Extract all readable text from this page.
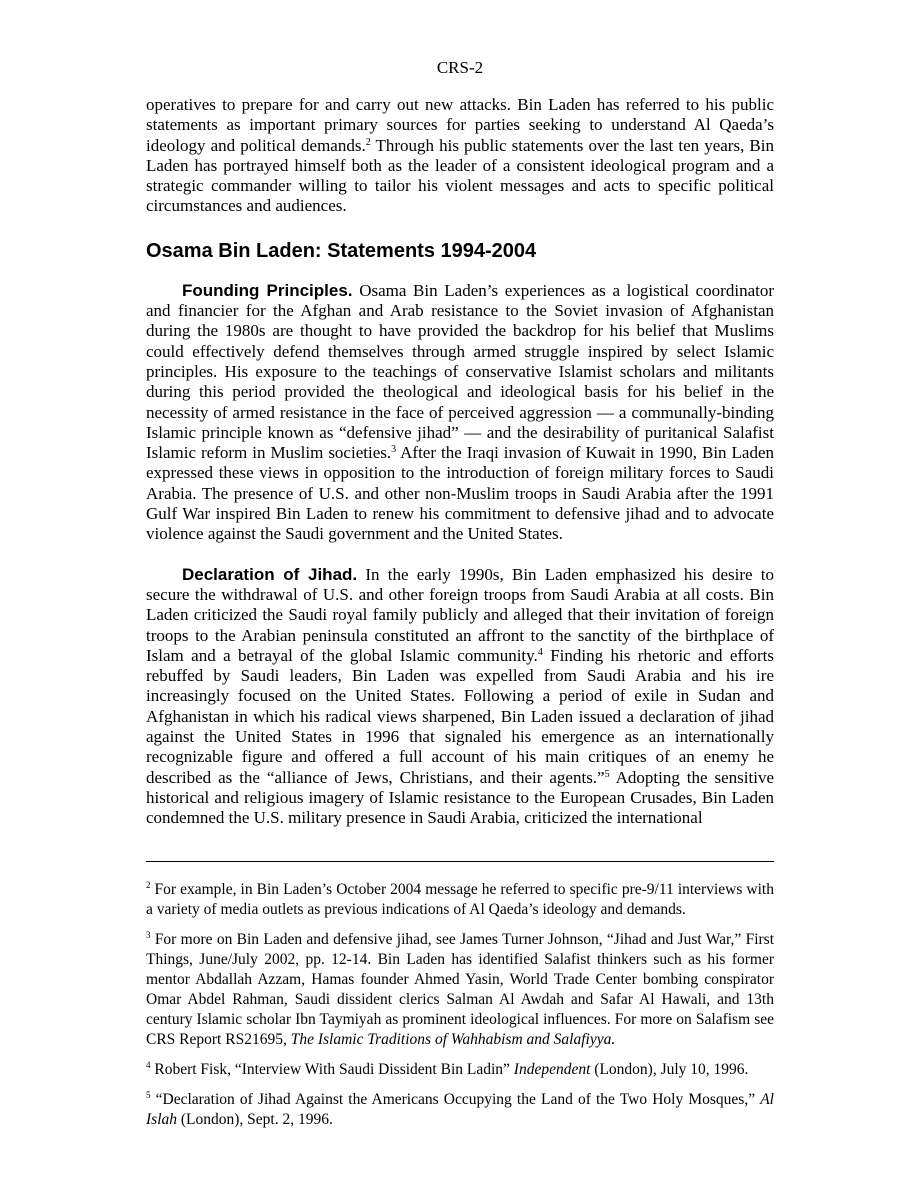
CRS-2

operatives to prepare for and carry out new attacks. Bin Laden has referred to his public statements as important primary sources for parties seeking to understand Al Qaeda’s ideology and political demands.$^2$ Through his public statements over the last ten years, Bin Laden has portrayed himself both as the leader of a consistent ideological program and a strategic commander willing to tailor his violent messages and acts to specific political circumstances and audiences.

Osama Bin Laden: Statements 1994-2004

Founding Principles. Osama Bin Laden’s experiences as a logistical coordinator and financier for the Afghan and Arab resistance to the Soviet invasion of Afghanistan during the 1980s are thought to have provided the backdrop for his belief that Muslims could effectively defend themselves through armed struggle inspired by select Islamic principles. His exposure to the teachings of conservative Islamist scholars and militants during this period provided the theological and ideological basis for his belief in the necessity of armed resistance in the face of perceived aggression — a communally-binding Islamic principle known as “defensive jihad” — and the desirability of puritanical Salafist Islamic reform in Muslim societies.$^3$ After the Iraqi invasion of Kuwait in 1990, Bin Laden expressed these views in opposition to the introduction of foreign military forces to Saudi Arabia. The presence of U.S. and other non-Muslim troops in Saudi Arabia after the 1991 Gulf War inspired Bin Laden to renew his commitment to defensive jihad and to advocate violence against the Saudi government and the United States.

Declaration of Jihad. In the early 1990s, Bin Laden emphasized his desire to secure the withdrawal of U.S. and other foreign troops from Saudi Arabia at all costs. Bin Laden criticized the Saudi royal family publicly and alleged that their invitation of foreign troops to the Arabian peninsula constituted an affront to the sanctity of the birthplace of Islam and a betrayal of the global Islamic community.$^4$ Finding his rhetoric and efforts rebuffed by Saudi leaders, Bin Laden was expelled from Saudi Arabia and his ire increasingly focused on the United States. Following a period of exile in Sudan and Afghanistan in which his radical views sharpened, Bin Laden issued a declaration of jihad against the United States in 1996 that signaled his emergence as an internationally recognizable figure and offered a full account of his main critiques of an enemy he described as the “alliance of Jews, Christians, and their agents.”$^5$ Adopting the sensitive historical and religious imagery of Islamic resistance to the European Crusades, Bin Laden condemned the U.S. military presence in Saudi Arabia, criticized the international

$^2$ For example, in Bin Laden’s October 2004 message he referred to specific pre-9/11 interviews with a variety of media outlets as previous indications of Al Qaeda’s ideology and demands.

$^3$ For more on Bin Laden and defensive jihad, see James Turner Johnson, “Jihad and Just War,” First Things, June/July 2002, pp. 12-14. Bin Laden has identified Salafist thinkers such as his former mentor Abdallah Azzam, Hamas founder Ahmed Yasin, World Trade Center bombing conspirator Omar Abdel Rahman, Saudi dissident clerics Salman Al Awdah and Safar Al Hawali, and 13th century Islamic scholar Ibn Taymiyah as prominent ideological influences. For more on Salafism see CRS Report RS21695, The Islamic Traditions of Wahhabism and Salafiyya.

$^4$ Robert Fisk, “Interview With Saudi Dissident Bin Ladin” Independent (London), July 10, 1996.

$^5$ “Declaration of Jihad Against the Americans Occupying the Land of the Two Holy Mosques,” Al Islah (London), Sept. 2, 1996.
